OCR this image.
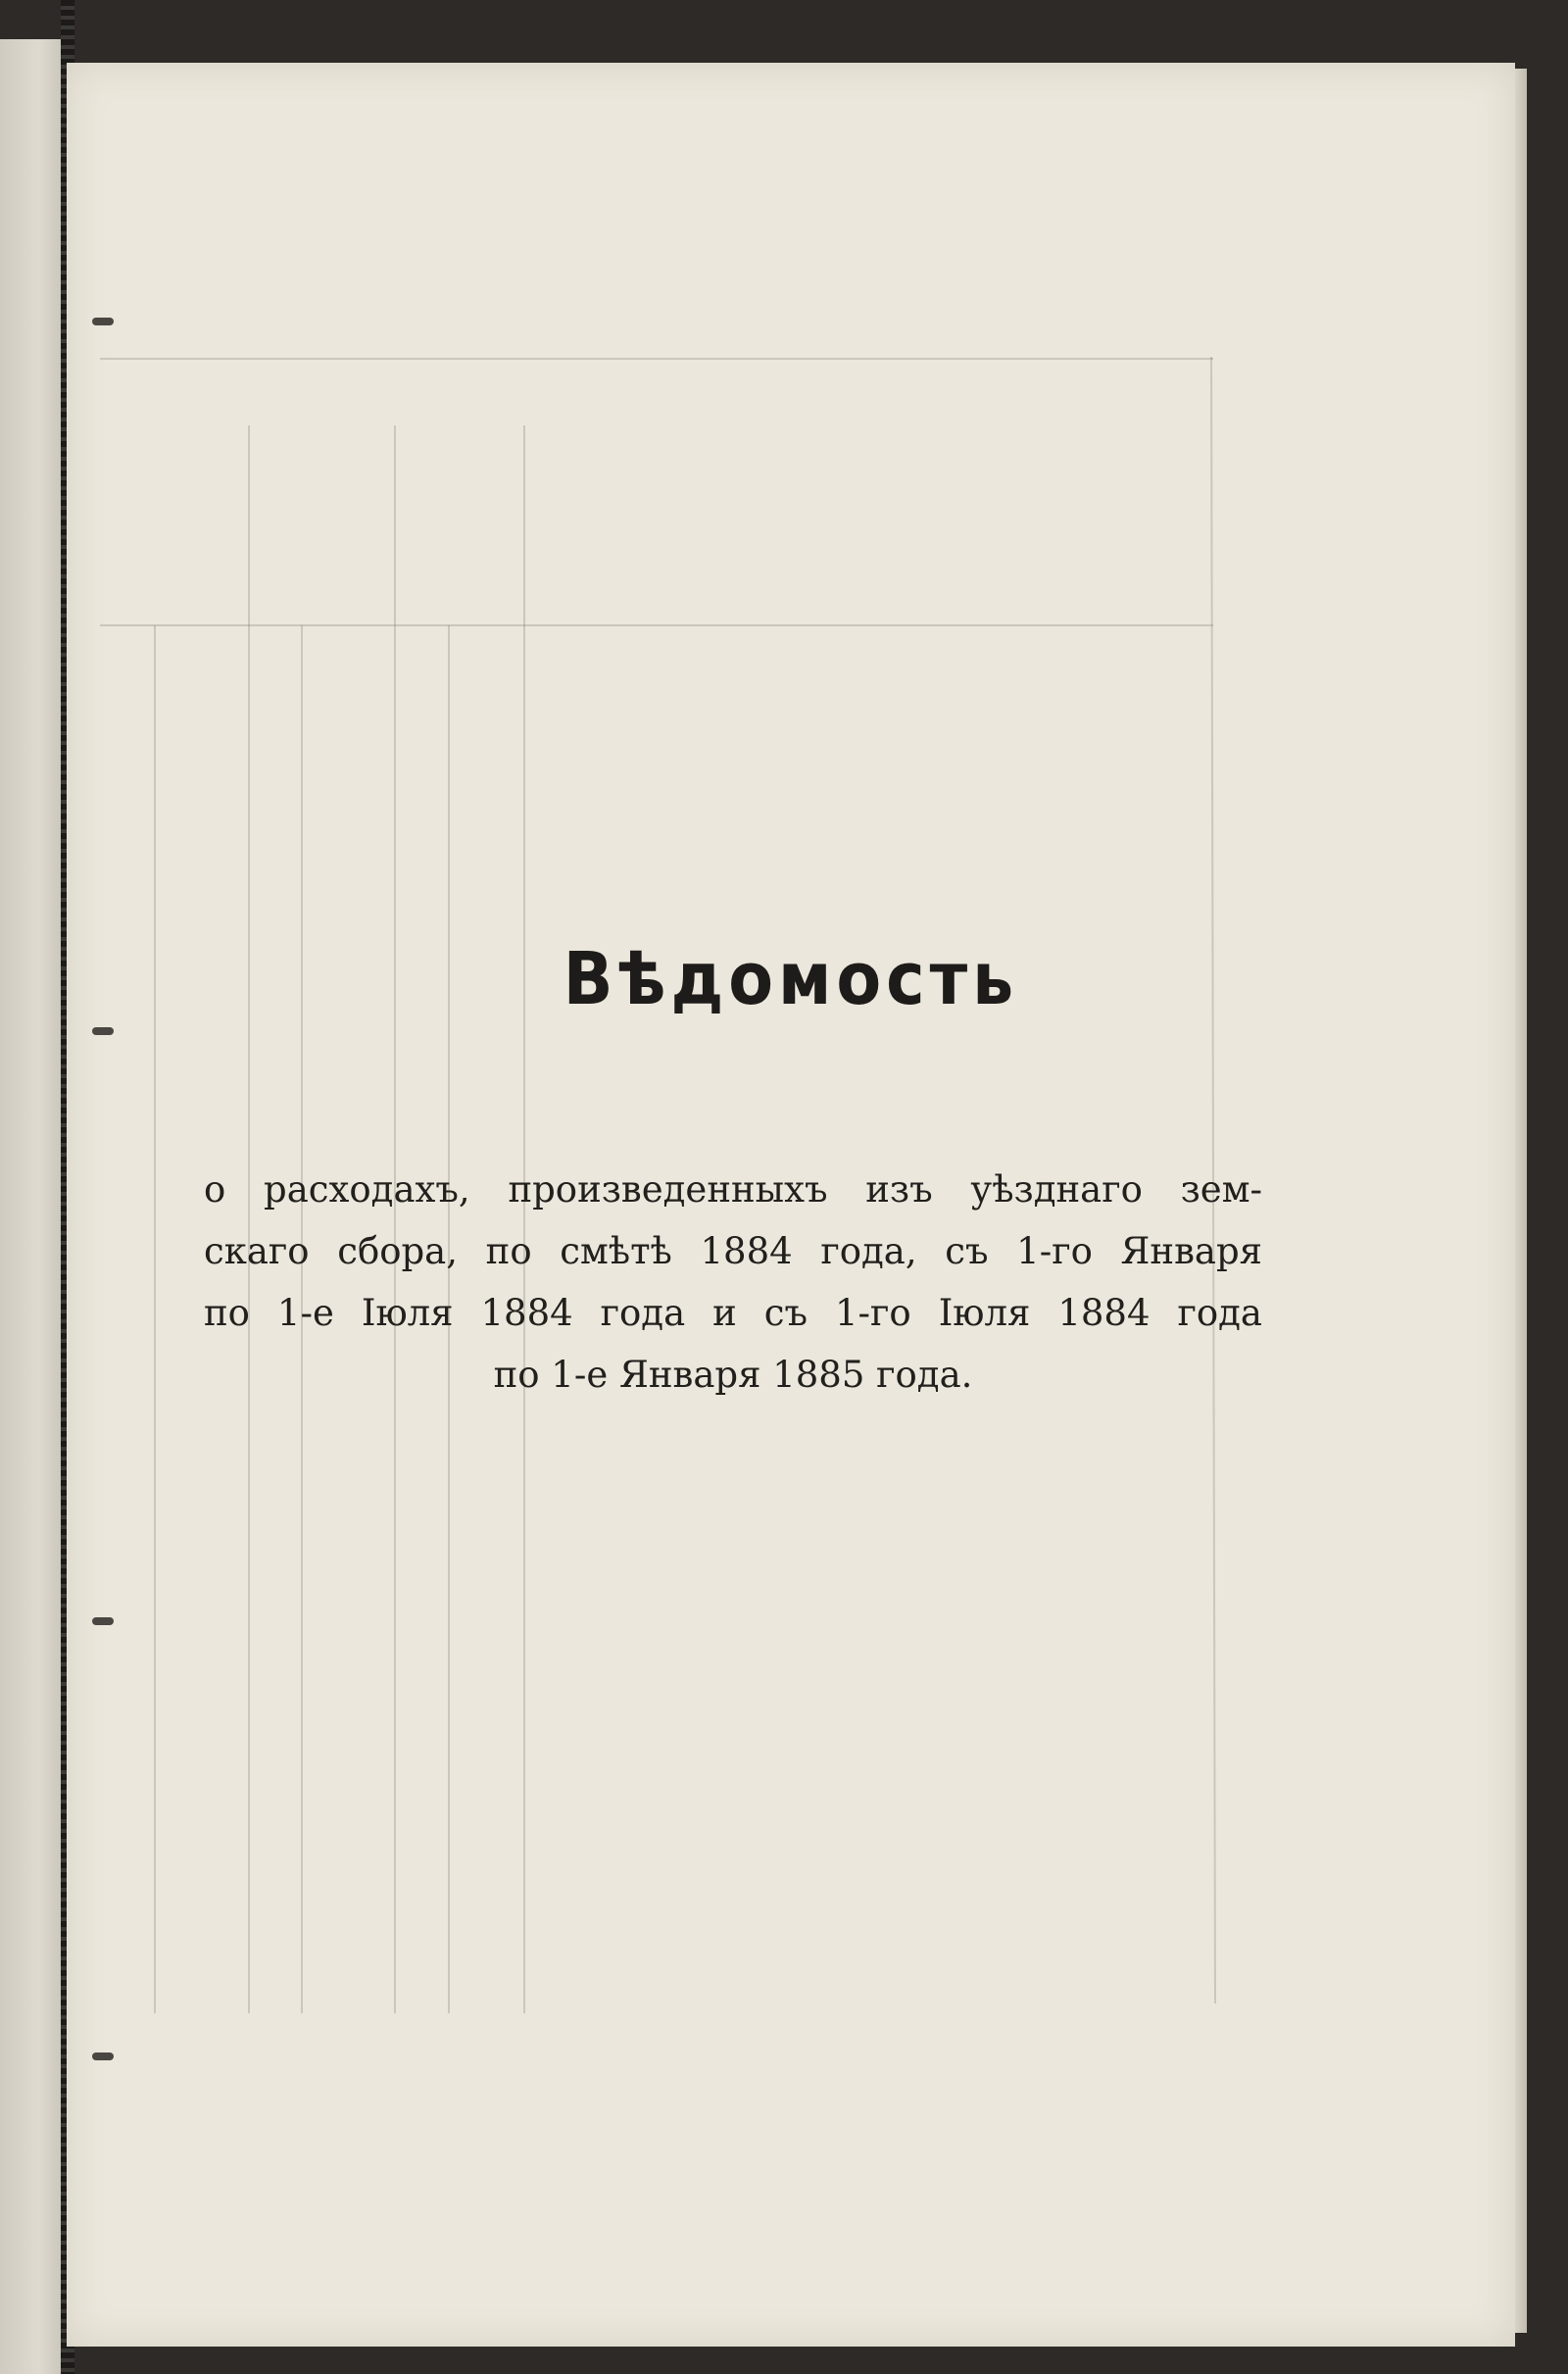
Вѣдомость
о расходахъ, произведенныхъ изъ уѣзднаго зем-
скаго сбора, по смѣтѣ 1884 года, съ 1-го Января
по 1-е Іюля 1884 года и съ 1-го Іюля 1884 года
по 1-е Января 1885 года.
